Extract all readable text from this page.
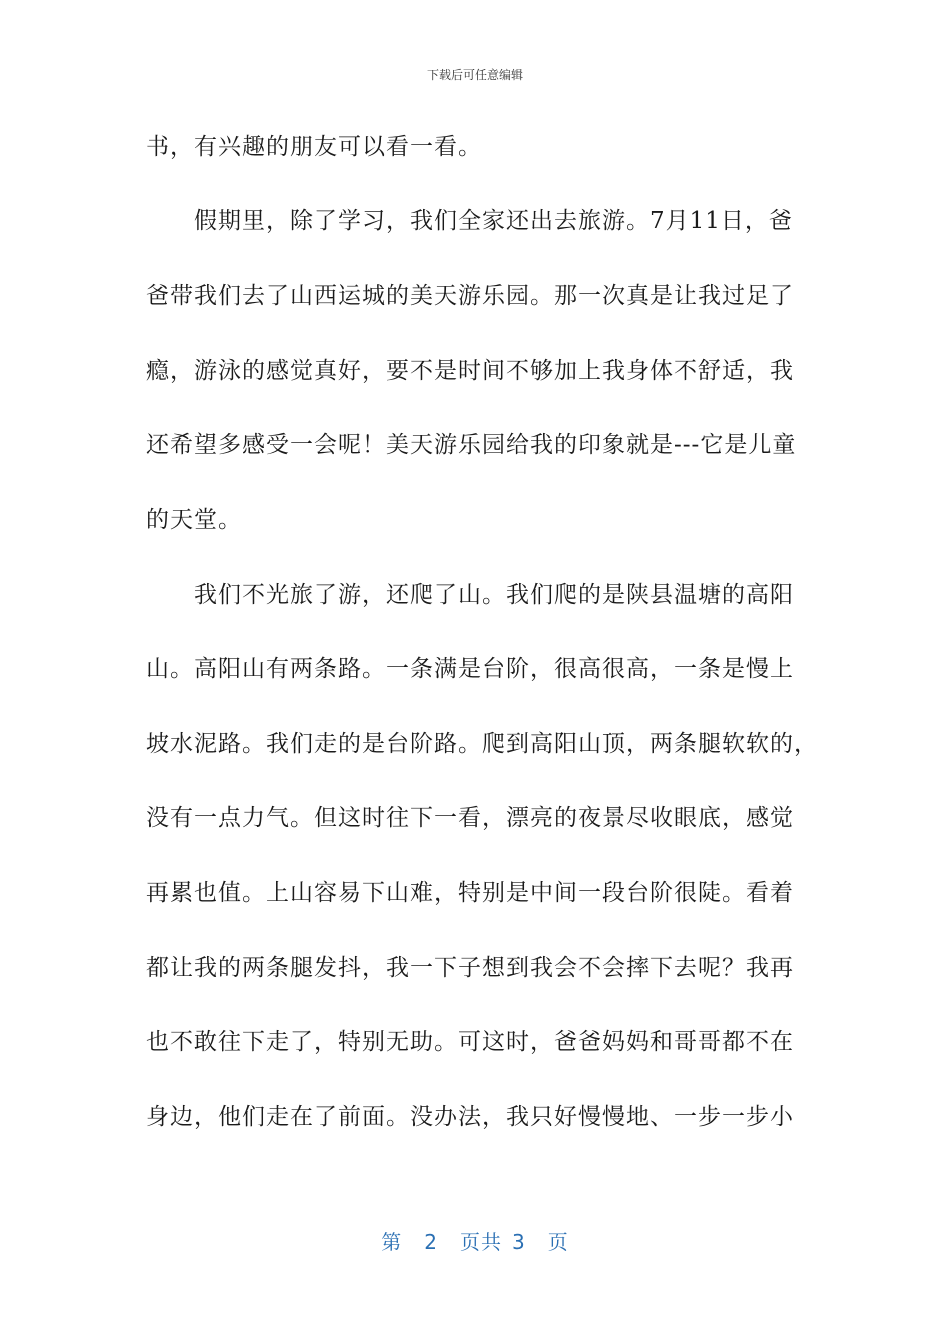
下载后可任意编辑
书，有兴趣的朋友可以看一看。
　　假期里，除了学习，我们全家还出去旅游。7月11日，爸
爸带我们去了山西运城的美天游乐园。那一次真是让我过足了
瘾，游泳的感觉真好，要不是时间不够加上我身体不舒适，我
还希望多感受一会呢！美天游乐园给我的印象就是---它是儿童
的天堂。
　　我们不光旅了游，还爬了山。我们爬的是陕县温塘的高阳
山。高阳山有两条路。一条满是台阶，很高很高，一条是慢上
坡水泥路。我们走的是台阶路。爬到高阳山顶，两条腿软软的，
没有一点力气。但这时往下一看，漂亮的夜景尽收眼底，感觉
再累也值。上山容易下山难，特别是中间一段台阶很陡。看着
都让我的两条腿发抖，我一下子想到我会不会摔下去呢？我再
也不敢往下走了，特别无助。可这时，爸爸妈妈和哥哥都不在
身边，他们走在了前面。没办法，我只好慢慢地、一步一步小
第 2 页共 3 页
